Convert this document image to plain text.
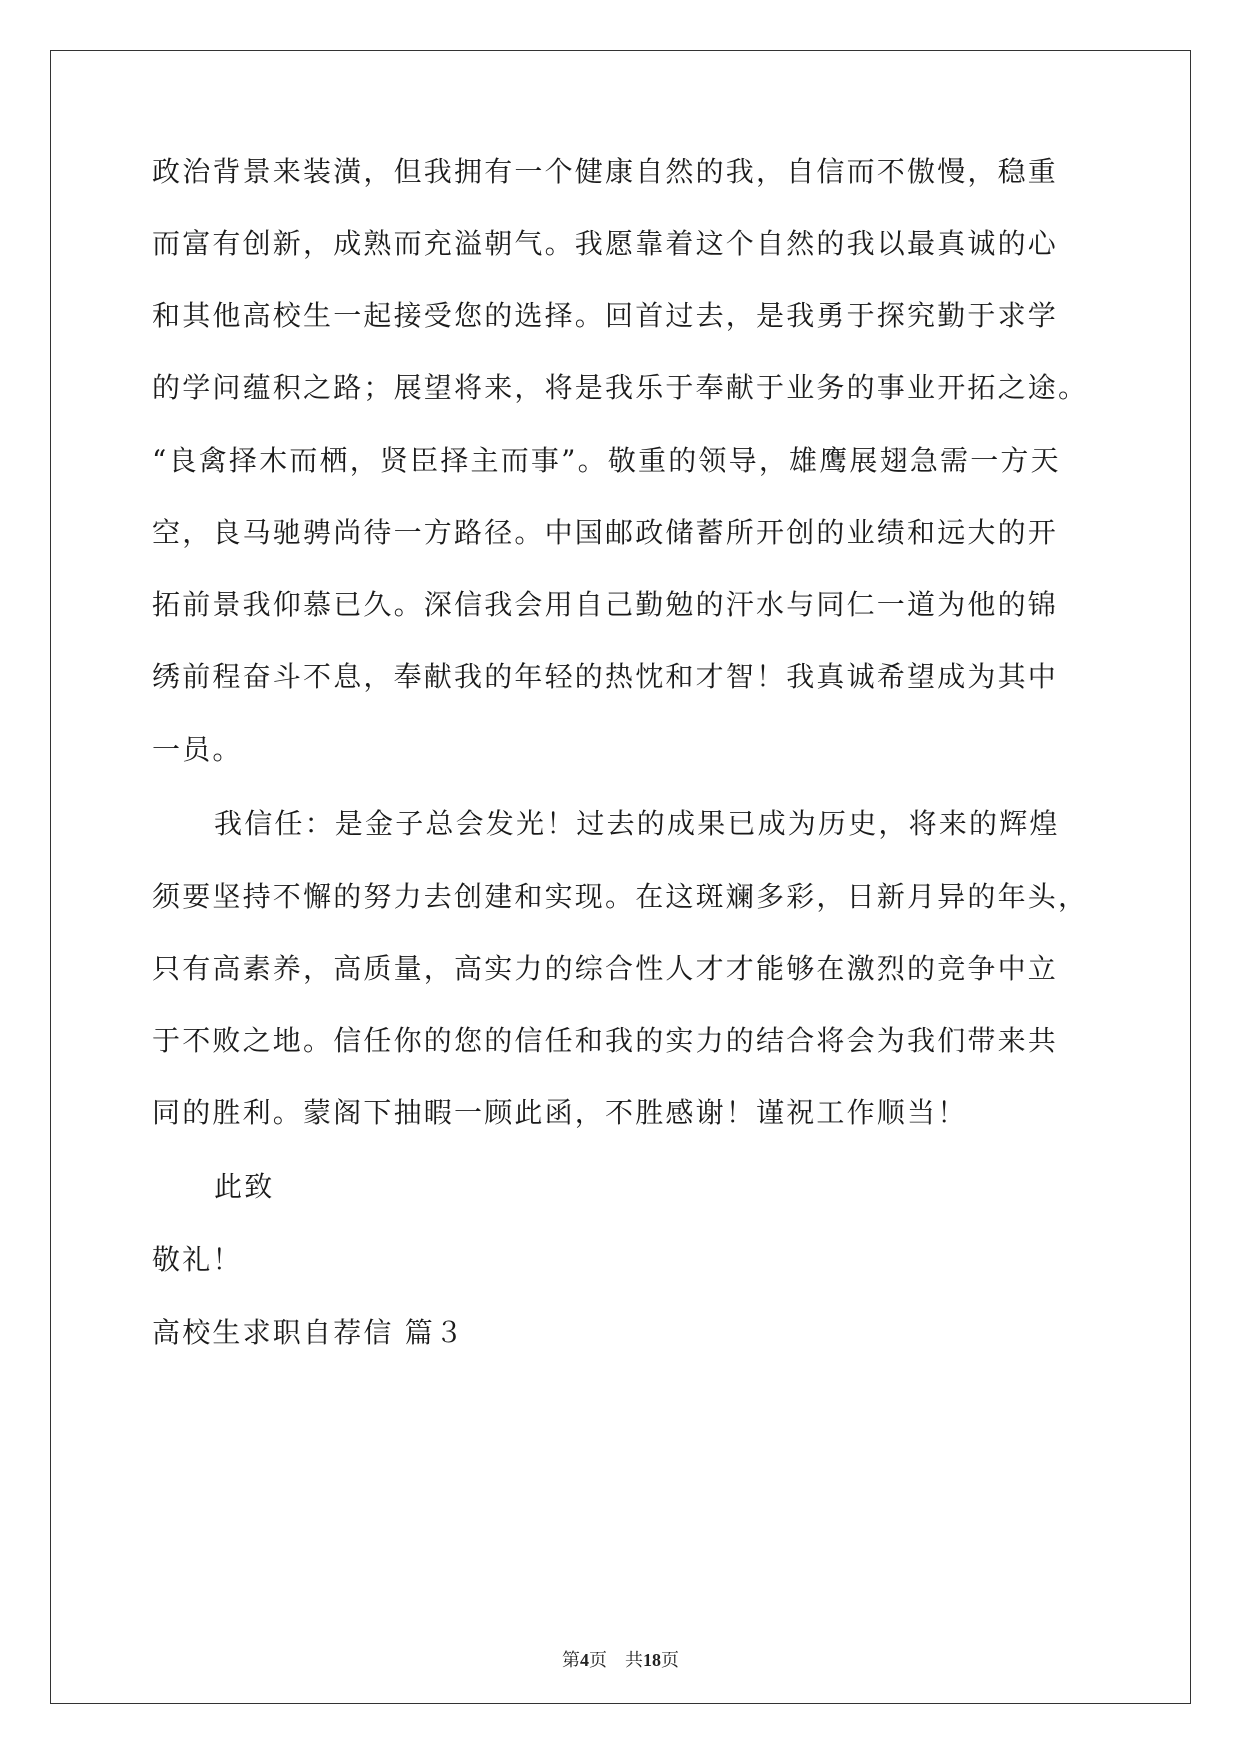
政治背景来装潢，但我拥有一个健康自然的我，自信而不傲慢，稳重
而富有创新，成熟而充溢朝气。我愿靠着这个自然的我以最真诚的心
和其他高校生一起接受您的选择。回首过去，是我勇于探究勤于求学
的学问蕴积之路；展望将来，将是我乐于奉献于业务的事业开拓之途。
“良禽择木而栖，贤臣择主而事”。敬重的领导，雄鹰展翅急需一方天
空，良马驰骋尚待一方路径。中国邮政储蓄所开创的业绩和远大的开
拓前景我仰慕已久。深信我会用自己勤勉的汗水与同仁一道为他的锦
绣前程奋斗不息，奉献我的年轻的热忱和才智！我真诚希望成为其中
一员。
我信任：是金子总会发光！过去的成果已成为历史，将来的辉煌
须要坚持不懈的努力去创建和实现。在这斑斓多彩，日新月异的年头，
只有高素养，高质量，高实力的综合性人才才能够在激烈的竞争中立
于不败之地。信任你的您的信任和我的实力的结合将会为我们带来共
同的胜利。蒙阁下抽暇一顾此函，不胜感谢！谨祝工作顺当！
此致
敬礼！
高校生求职自荐信 篇３
第4页　共18页
